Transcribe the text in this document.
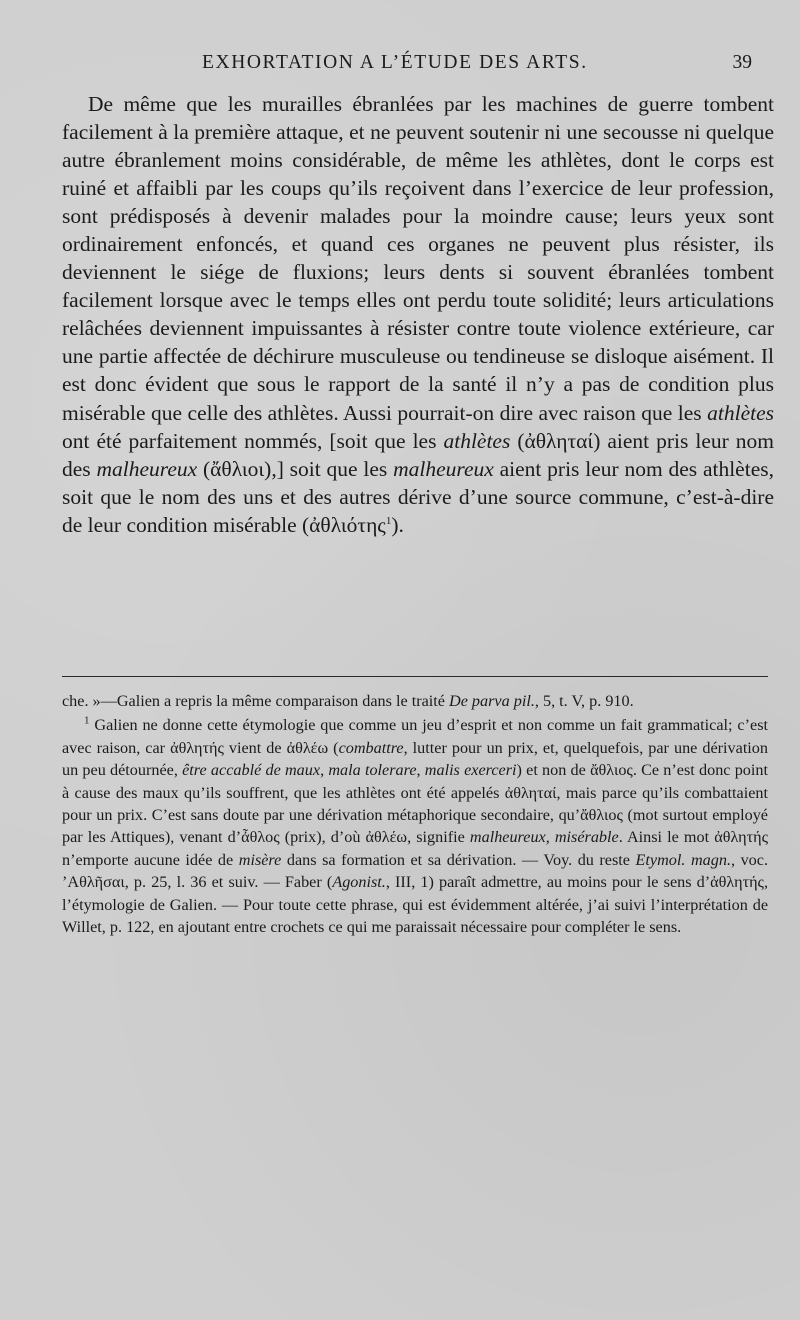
EXHORTATION A L’ÉTUDE DES ARTS.	39

De même que les murailles ébranlées par les machines de guerre tombent facilement à la première attaque, et ne peuvent soutenir ni une secousse ni quelque autre ébranlement moins considérable, de même les athlètes, dont le corps est ruiné et affaibli par les coups qu’ils reçoivent dans l’exercice de leur profession, sont prédisposés à devenir malades pour la moindre cause; leurs yeux sont ordinairement enfoncés, et quand ces organes ne peuvent plus résister, ils deviennent le siége de fluxions; leurs dents si souvent ébranlées tombent facilement lorsque avec le temps elles ont perdu toute solidité; leurs articulations relâchées deviennent impuissantes à résister contre toute violence extérieure, car une partie affectée de déchirure musculeuse ou tendineuse se disloque aisément. Il est donc évident que sous le rapport de la santé il n’y a pas de condition plus misérable que celle des athlètes. Aussi pourrait-on dire avec raison que les athlètes ont été parfaitement nommés, [soit que les athlètes (ἀθληταί) aient pris leur nom des malheureux (ἄθλιοι),] soit que les malheureux aient pris leur nom des athlètes, soit que le nom des uns et des autres dérive d’une source commune, c’est-à-dire de leur condition misérable (ἀθλιότης$^1$).

che. »—Galien a repris la même comparaison dans le traité De parva pil., 5, t. V, p. 910.

$^1$ Galien ne donne cette étymologie que comme un jeu d’esprit et non comme un fait grammatical; c’est avec raison, car ἀθλητής vient de ἀθλέω (combattre, lutter pour un prix, et, quelquefois, par une dérivation un peu détournée, être accablé de maux, mala tolerare, malis exerceri) et non de ἄθλιος. Ce n’est donc point à cause des maux qu’ils souffrent, que les athlètes ont été appelés ἀθληταί, mais parce qu’ils combattaient pour un prix. C’est sans doute par une dérivation métaphorique secondaire, qu’ἄθλιος (mot surtout employé par les Attiques), venant d’ἆθλος (prix), d’où ἀθλέω, signifie malheureux, misérable. Ainsi le mot ἀθλητής n’emporte aucune idée de misère dans sa formation et sa dérivation. — Voy. du reste Etymol. magn., voc. ’Αθλῆσαι, p. 25, l. 36 et suiv. — Faber (Agonist., III, 1) paraît admettre, au moins pour le sens d’ἀθλητής, l’étymologie de Galien. — Pour toute cette phrase, qui est évidemment altérée, j’ai suivi l’interprétation de Willet, p. 122, en ajoutant entre crochets ce qui me paraissait nécessaire pour compléter le sens.
